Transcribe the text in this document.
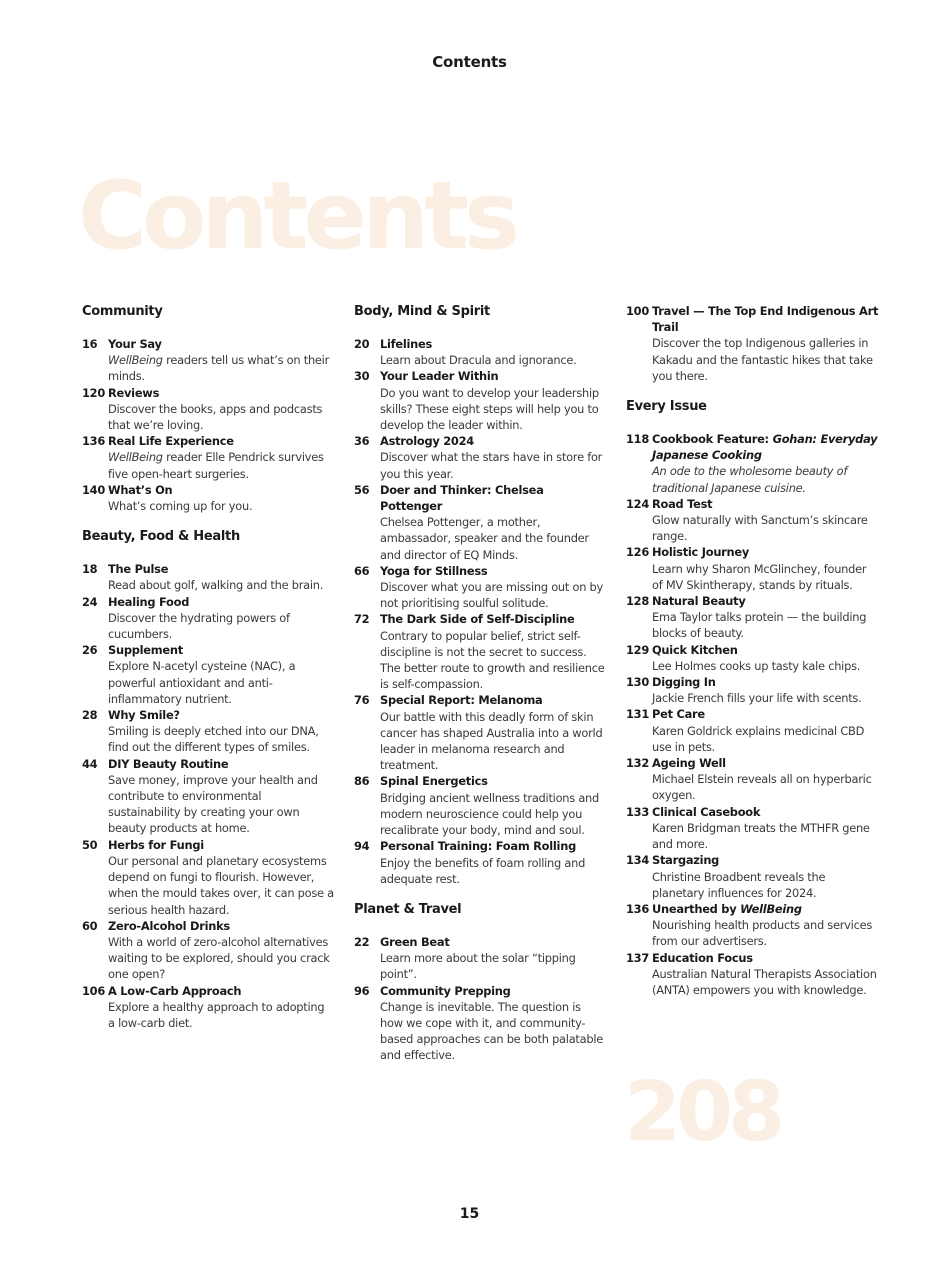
Contents
Contents
Community
16 Your Say
WellBeing readers tell us what’s on their minds.
120 Reviews
Discover the books, apps and podcasts that we’re loving.
136 Real Life Experience
WellBeing reader Elle Pendrick survives five open-heart surgeries.
140 What’s On
What’s coming up for you.
Beauty, Food & Health
18 The Pulse
Read about golf, walking and the brain.
24 Healing Food
Discover the hydrating powers of cucumbers.
26 Supplement
Explore N-acetyl cysteine (NAC), a powerful antioxidant and anti-inflammatory nutrient.
28 Why Smile?
Smiling is deeply etched into our DNA, find out the different types of smiles.
44 DIY Beauty Routine
Save money, improve your health and contribute to environmental sustainability by creating your own beauty products at home.
50 Herbs for Fungi
Our personal and planetary ecosystems depend on fungi to flourish. However, when the mould takes over, it can pose a serious health hazard.
60 Zero-Alcohol Drinks
With a world of zero-alcohol alternatives waiting to be explored, should you crack one open?
106 A Low-Carb Approach
Explore a healthy approach to adopting a low-carb diet.
Body, Mind & Spirit
20 Lifelines
Learn about Dracula and ignorance.
30 Your Leader Within
Do you want to develop your leadership skills? These eight steps will help you to develop the leader within.
36 Astrology 2024
Discover what the stars have in store for you this year.
56 Doer and Thinker: Chelsea Pottenger
Chelsea Pottenger, a mother, ambassador, speaker and the founder and director of EQ Minds.
66 Yoga for Stillness
Discover what you are missing out on by not prioritising soulful solitude.
72 The Dark Side of Self-Discipline
Contrary to popular belief, strict self-discipline is not the secret to success. The better route to growth and resilience is self-compassion.
76 Special Report: Melanoma
Our battle with this deadly form of skin cancer has shaped Australia into a world leader in melanoma research and treatment.
86 Spinal Energetics
Bridging ancient wellness traditions and modern neuroscience could help you recalibrate your body, mind and soul.
94 Personal Training: Foam Rolling
Enjoy the benefits of foam rolling and adequate rest.
Planet & Travel
22 Green Beat
Learn more about the solar “tipping point”.
96 Community Prepping
Change is inevitable. The question is how we cope with it, and community-based approaches can be both palatable and effective.
100 Travel — The Top End Indigenous Art Trail
Discover the top Indigenous galleries in Kakadu and the fantastic hikes that take you there.
Every Issue
118 Cookbook Feature: Gohan: Everyday Japanese Cooking
An ode to the wholesome beauty of traditional Japanese cuisine.
124 Road Test
Glow naturally with Sanctum’s skincare range.
126 Holistic Journey
Learn why Sharon McGlinchey, founder of MV Skintherapy, stands by rituals.
128 Natural Beauty
Ema Taylor talks protein — the building blocks of beauty.
129 Quick Kitchen
Lee Holmes cooks up tasty kale chips.
130 Digging In
Jackie French fills your life with scents.
131 Pet Care
Karen Goldrick explains medicinal CBD use in pets.
132 Ageing Well
Michael Elstein reveals all on hyperbaric oxygen.
133 Clinical Casebook
Karen Bridgman treats the MTHFR gene and more.
134 Stargazing
Christine Broadbent reveals the planetary influences for 2024.
136 Unearthed by WellBeing
Nourishing health products and services from our advertisers.
137 Education Focus
Australian Natural Therapists Association (ANTA) empowers you with knowledge.
208
15
